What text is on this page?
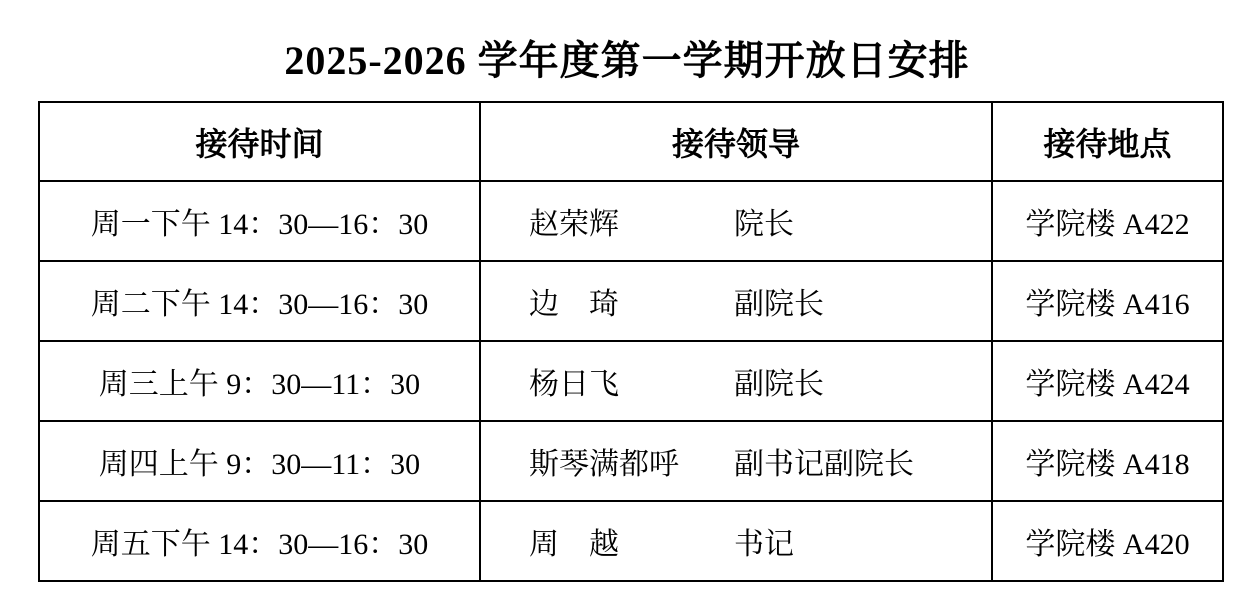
2025-2026 学年度第一学期开放日安排
接待时间	接待领导	接待地点
周一下午 14：30—16：30	赵荣辉 院长	学院楼 A422
周二下午 14：30—16：30	边　琦 副院长	学院楼 A416
周三上午 9：30—11：30	杨日飞 副院长	学院楼 A424
周四上午 9：30—11：30	斯琴满都呼 副书记副院长	学院楼 A418
周五下午 14：30—16：30	周　越 书记	学院楼 A420
